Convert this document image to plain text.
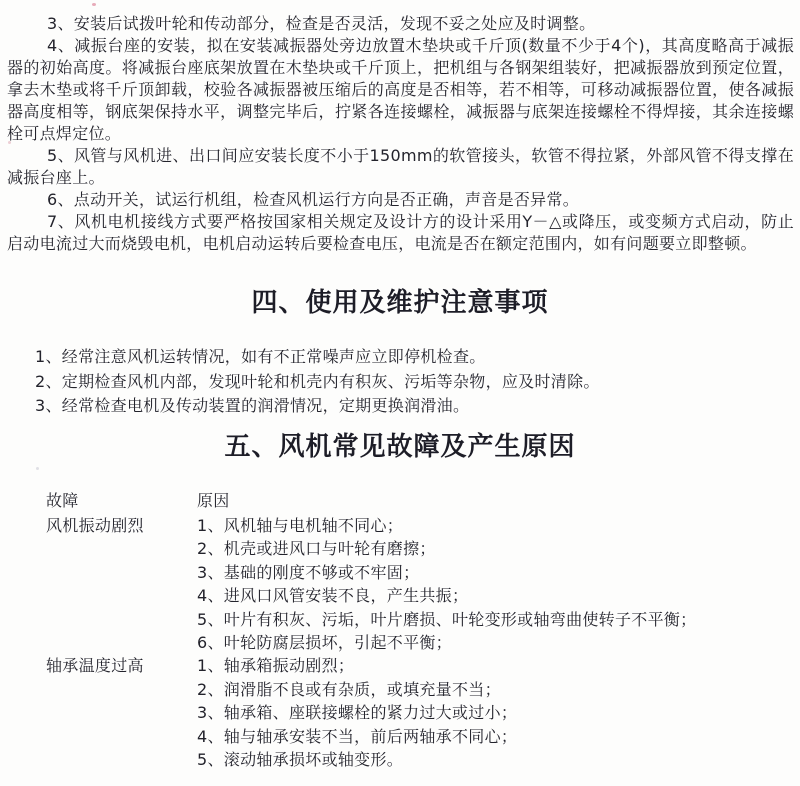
3、安装后试拨叶轮和传动部分，检查是否灵活，发现不妥之处应及时调整。

4、减振台座的安装，拟在安装减振器处旁边放置木垫块或千斤顶(数量不少于4个)，其高度略高于减振器的初始高度。将减振台座底架放置在木垫块或千斤顶上，把机组与各钢架组装好，把减振器放到预定位置，拿去木垫或将千斤顶卸载，校验各减振器被压缩后的高度是否相等，若不相等，可移动减振器位置，使各减振器高度相等，钢底架保持水平，调整完毕后，拧紧各连接螺栓，减振器与底架连接螺栓不得焊接，其余连接螺栓可点焊定位。

5、风管与风机进、出口间应安装长度不小于150mm的软管接头，软管不得拉紧，外部风管不得支撑在减振台座上。

6、点动开关，试运行机组，检查风机运行方向是否正确，声音是否异常。

7、风机电机接线方式要严格按国家相关规定及设计方的设计采用Y－△或降压，或变频方式启动，防止启动电流过大而烧毁电机，电机启动运转后要检查电压，电流是否在额定范围内，如有问题要立即整顿。

四、使用及维护注意事项
1、经常注意风机运转情况，如有不正常噪声应立即停机检查。
2、定期检查风机内部，发现叶轮和机壳内有积灰、污垢等杂物，应及时清除。
3、经常检查电机及传动装置的润滑情况，定期更换润滑油。
五、风机常见故障及产生原因
故障	原因
风机振动剧烈	1、风机轴与电机轴不同心；
2、机壳或进风口与叶轮有磨擦；
3、基础的刚度不够或不牢固；
4、进风口风管安装不良，产生共振；
5、叶片有积灰、污垢，叶片磨损、叶轮变形或轴弯曲使转子不平衡；
6、叶轮防腐层损坏，引起不平衡；
轴承温度过高	1、轴承箱振动剧烈；
2、润滑脂不良或有杂质，或填充量不当；
3、轴承箱、座联接螺栓的紧力过大或过小；
4、轴与轴承安装不当，前后两轴承不同心；
5、滚动轴承损坏或轴变形。
